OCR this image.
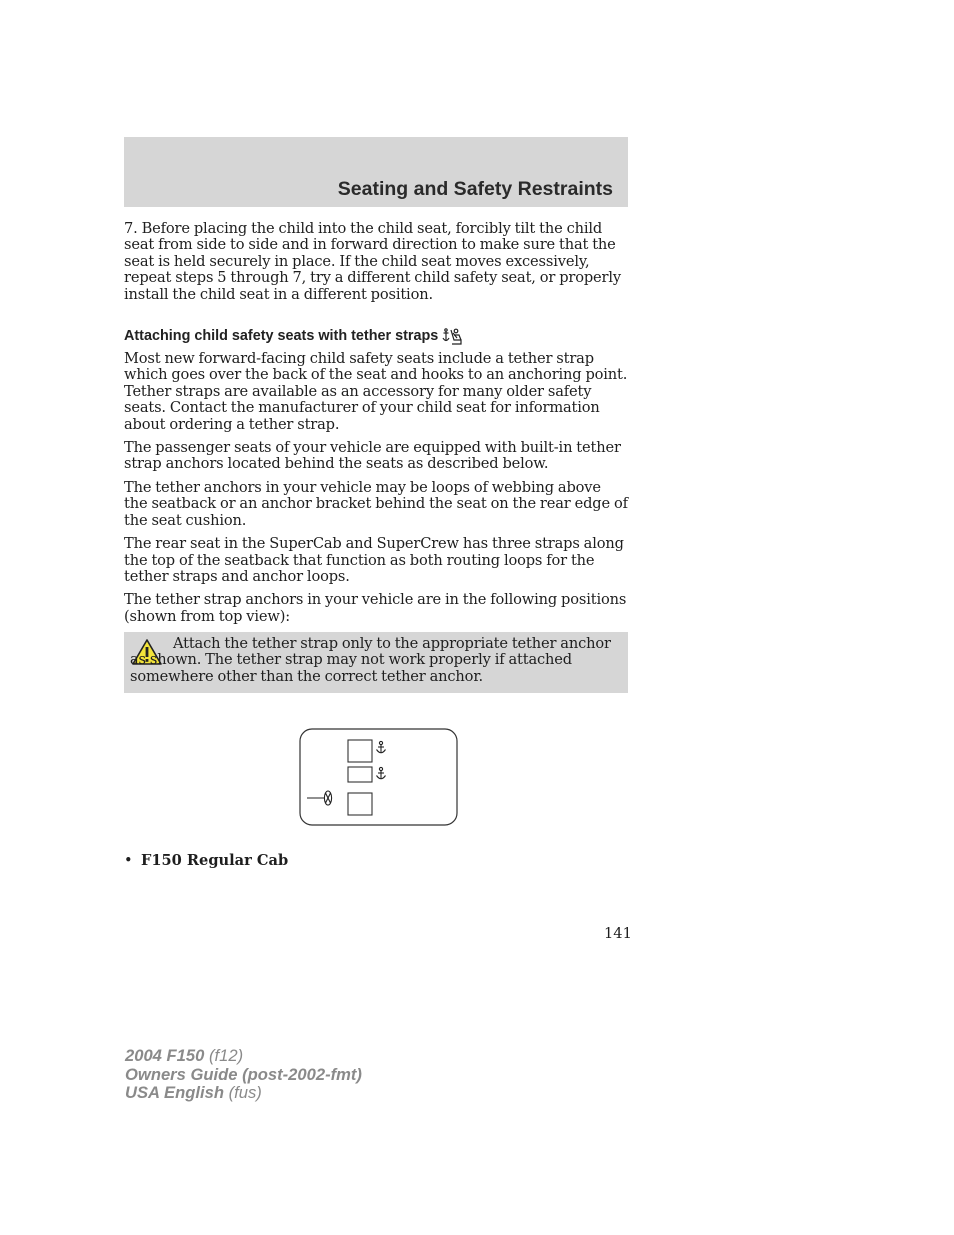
Seating and Safety Restraints

7. Before placing the child into the child seat, forcibly tilt the child seat from side to side and in forward direction to make sure that the seat is held securely in place. If the child seat moves excessively, repeat steps 5 through 7, try a different child safety seat, or properly install the child seat in a different position.

Attaching child safety seats with tether straps

Most new forward-facing child safety seats include a tether strap which goes over the back of the seat and hooks to an anchoring point. Tether straps are available as an accessory for many older safety seats. Contact the manufacturer of your child seat for information about ordering a tether strap.

The passenger seats of your vehicle are equipped with built-in tether strap anchors located behind the seats as described below.

The tether anchors in your vehicle may be loops of webbing above the seatback or an anchor bracket behind the seat on the rear edge of the seat cushion.

The rear seat in the SuperCab and SuperCrew has three straps along the top of the seatback that function as both routing loops for the tether straps and anchor loops.

The tether strap anchors in your vehicle are in the following positions (shown from top view):

Attach the tether strap only to the appropriate tether anchor as shown. The tether strap may not work properly if attached somewhere other than the correct tether anchor.

• F150 Regular Cab
141
2004 F150 (f12)
Owners Guide (post-2002-fmt)
USA English (fus)
